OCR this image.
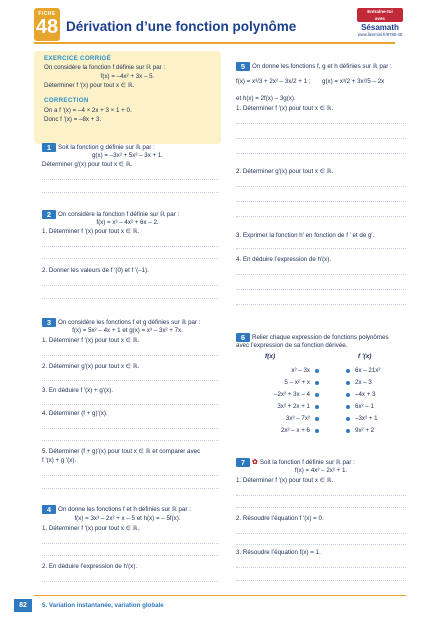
FICHE
48 Dérivation d’une fonction polynôme
Entraîne-toi
avec
Sésamath
www.lienmini.fr/9780-45
EXERCICE CORRIGÉ
On considère la fonction f définie sur ℝ par :
f(x) = –4x² + 3x – 5.
Déterminer f ′(x) pour tout x ∈ ℝ.
CORRECTION
On a f ′(x) = –4 × 2x + 3 × 1 + 0.
Donc f ′(x) = –8x + 3.
1 Soit la fonction g définie sur ℝ par :
g(x) = –3x³ + 5x² – 3x + 1.
Déterminer g′(x) pour tout x ∈ ℝ.
2 On considère la fonction f définie sur ℝ par :
f(x) = x³ – 4x² + 6x – 2.
1. Déterminer f ′(x) pour tout x ∈ ℝ.
2. Donner les valeurs de f ′(0) et f ′(–1).
3 On considère les fonctions f et g définies sur ℝ par :
f(x) = 5x² – 4x + 1 et g(x) = x³ – 3x² + 7x.
1. Déterminer f ′(x) pour tout x ∈ ℝ.
2. Déterminer g′(x) pour tout x ∈ ℝ.
3. En déduire f ′(x) + g′(x).
4. Déterminer (f + g)′(x).
5. Déterminer (f + g)′(x) pour tout x ∈ ℝ et comparer avec
f ′(x) + g ′(x).
4 On donne les fonctions f et h définies sur ℝ par :
f(x) = 3x³ – 2x² + x – 5 et h(x) = – 5f(x).
1. Déterminer f ′(x) pour tout x ∈ ℝ.
2. En déduire l’expression de h′(x).
5 On donne les fonctions f, g et h définies sur ℝ par :
f(x) = x³/3 + 2x² – 3x/2 + 1 ; g(x) = x³/2 + 3x²/5 – 2x
et h(x) = 2f(x) – 3g(x).
1. Déterminer f ′(x) pour tout x ∈ ℝ.
2. Déterminer g′(x) pour tout x ∈ ℝ.
3. Exprimer la fonction h′ en fonction de f ′ et de g′.
4. En déduire l’expression de h′(x).
6 Relier chaque expression de fonctions polynômes
avec l’expression de sa fonction dérivée.
f(x)	f ′(x)
x³ – 3x
5 – x² + x
–2x² + 3x – 4
3x² + 2x + 1
3x³ – 7x²
2x² – x + 6
6x – 21x²
2x – 3
–4x + 3
6x² – 1
–3x² + 1
9x² + 2
7 ✿ Soit la fonction f définie sur ℝ par :
f(x) = 4x³ – 2x² + 1.
1. Déterminer f ′(x) pour tout x ∈ ℝ.
2. Résoudre l’équation f ′(x) = 0.
3. Résoudre l’équation f(x) = 1.
82	5. Variation instantanée, variation globale
